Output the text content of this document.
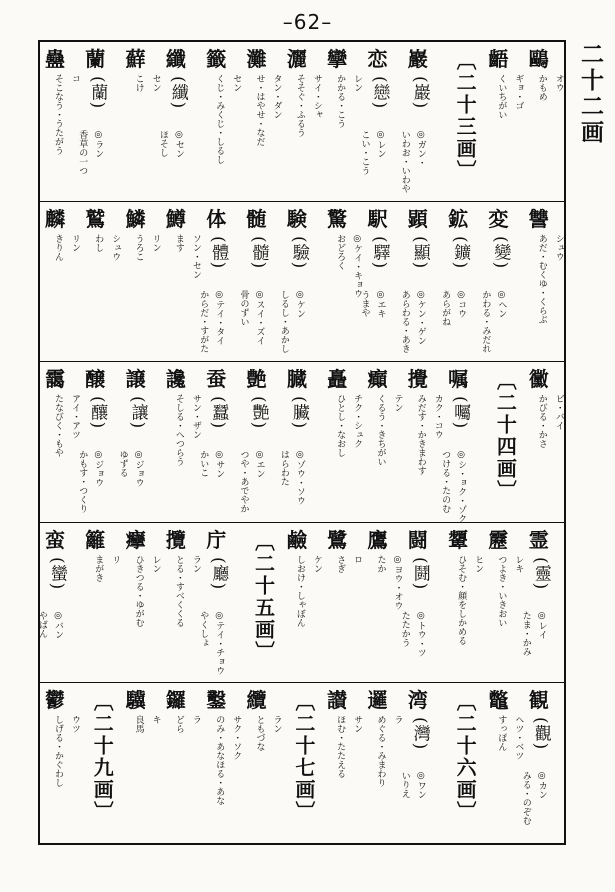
–62–
二十二画
鷗
オウ
かもめ
齬
ギョ・ゴ
くいちがい
〔二十三画〕
巖
(巖)
◎ガン・
いわお・いわや
恋
(戀)
◎レン
こい・こう
攣
レン
かかる・こう
灑
サイ・シャ
そそぐ・ふるう
灘
タン・ダン
せ・はやせ・なだ
籤
セン
くじ・みくじ・しるし
纖
(纖)
◎セン
ほそし
蘚
セン
こけ
蘭
(蘭)
◎ラン
香草の一つ
蠱
コ
そこなう・うたがう
讐
シュウ
あだ・むくゆ・くらぶ
変
(變)
◎ヘン
かわる・みだれ
鉱
(鑛)
◎コウ
あらがね
顕
(顯)
◎ケン・ゲン
あらわる・あき
駅
(驛)
◎エキ
うまや
驚
◎ケイ・キョウ
おどろく
験
(驗)
◎ケン
しるし・あかし
髄
(髓)
◎スイ・ズイ
骨のずい
体
(體)
◎テイ・タイ
からだ・すがた
鱒
ソン・セン
ます
鱗
リン
うろこ
鷲
シュウ
わし
麟
リン
きりん
黴
ビ・バイ
かびる・かさ
〔二十四画〕
嘱
(囑)
◎シ・ョク・ゾク
つける・たのむ
攪
カク・コウ
みだす・かきまわす
癲
テン
くるう・きちがい
矗
チク・シュク
ひとし・なおし
臓
(臟)
◎ゾウ・ソウ
はらわた
艶
(艷)
◎エン
つや・あでやか
蚕
(蠶)
◎サン
かいこ
讒
サン・ザン
そしる・へつらう
譲
(讓)
◎ジョウ
ゆずる
醸
(釀)
◎ジョウ
かもす・つくり
靄
アイ・アツ
たなびく・もや
霊
(靈)
◎レイ
たま・かみ
靂
レキ
つよき・いきおい
顰
ヒン
ひそむ・顔をしかめる
闘
(鬪)
◎トウ・ツ
たたかう
鷹
◎ヨウ・オウ
たか
鷺
ロ
さぎ
鹼
ケン
しおけ・しゃぼん
〔二十五画〕
庁
(廳)
◎テイ・チョウ
やくしょ
攬
ラン
とる・すべくくる
癴
レン
ひきつる・ゆがむ
籬
リ
まがき
蛮
(蠻)
◎バン
やばん
観
(觀)
◎カン
みる・のぞむ
鼈
ヘツ・ベツ
すっぽん
〔二十六画〕
湾
(灣)
◎ワン
いりえ
邏
ラ
めぐる・みまわり
讃
サン
ほむ・たたえる
〔二十七画〕
纜
ラン
ともづな
鑿
サク・ソク
のみ・あなほる・あな
鑼
ラ
どら
驥
キ
良馬
〔二十九画〕
鬱
ウツ
しげる・かぐわし
